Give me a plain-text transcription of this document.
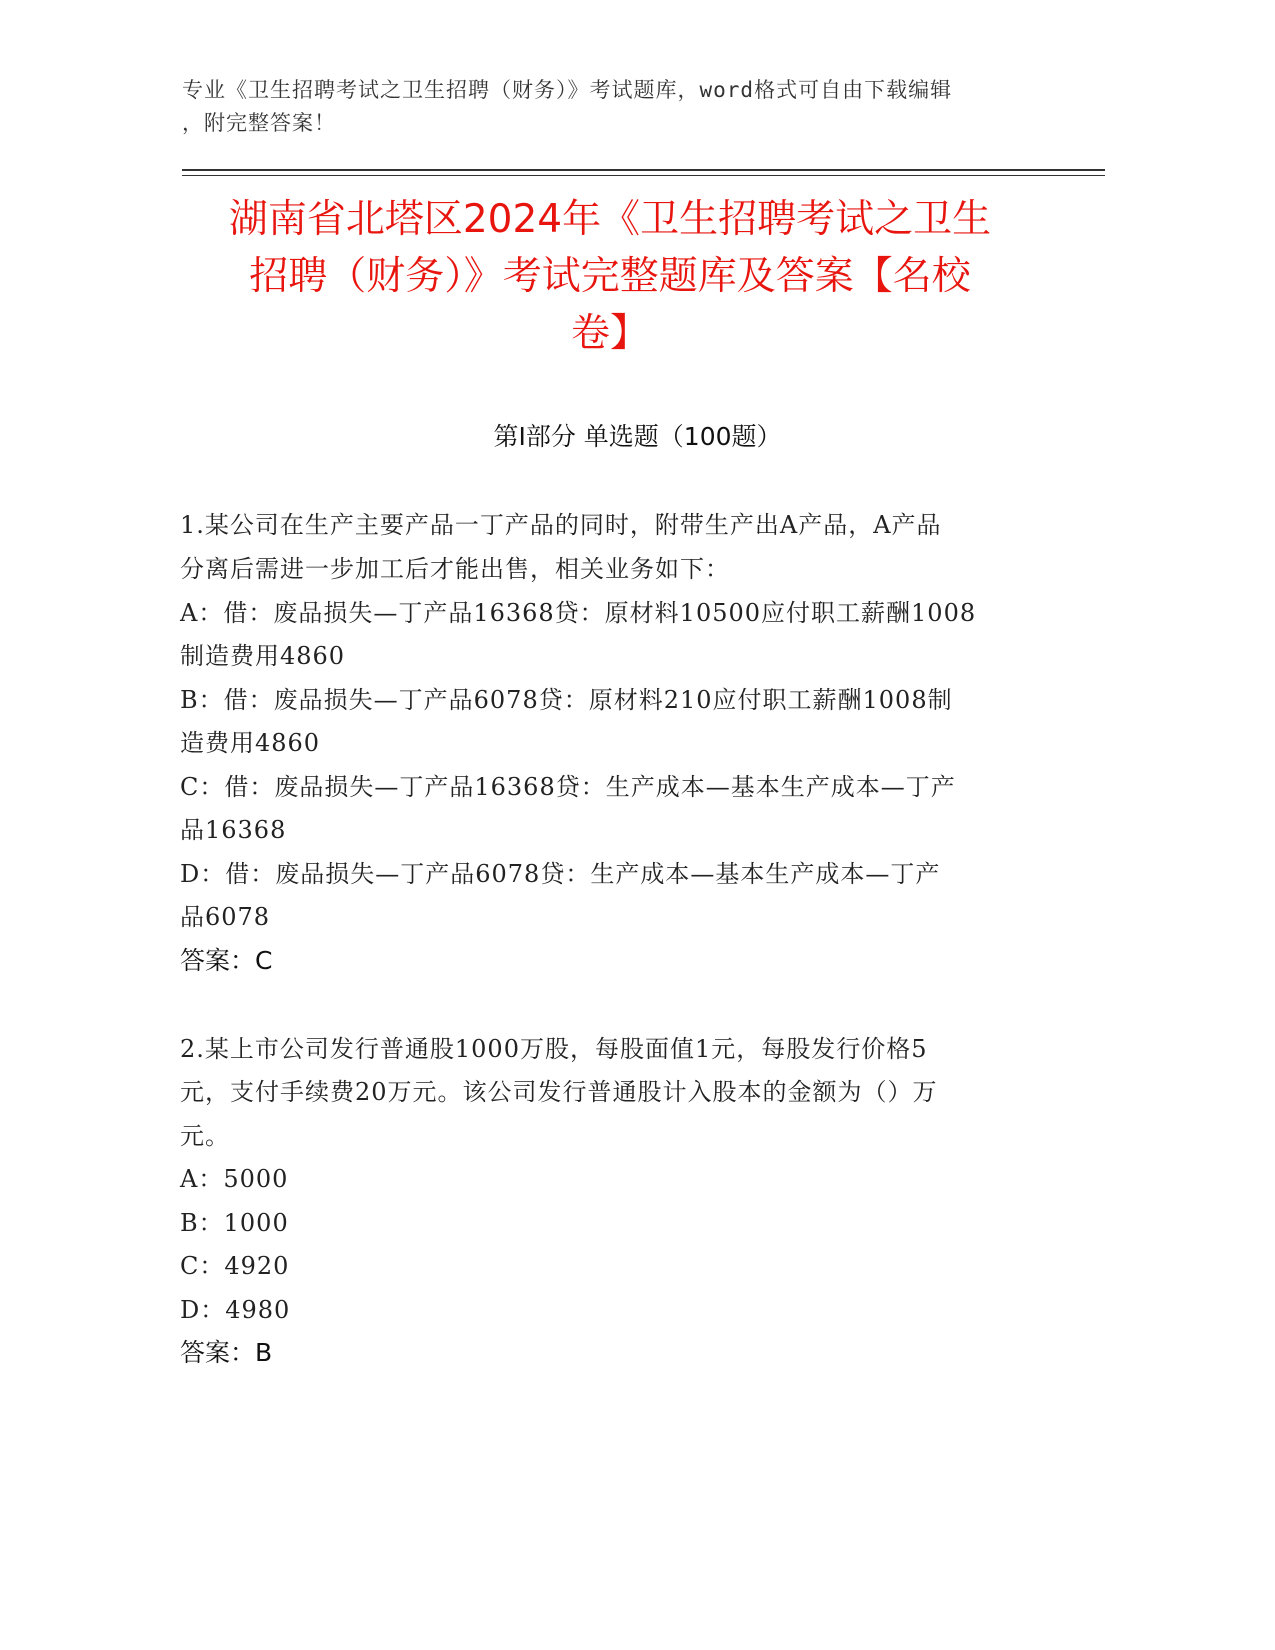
专业《卫生招聘考试之卫生招聘（财务）》考试题库，word格式可自由下载编辑
，附完整答案！
湖南省北塔区2024年《卫生招聘考试之卫生
招聘（财务）》考试完整题库及答案【名校
卷】
第I部分 单选题（100题）
1.某公司在生产主要产品一丁产品的同时，附带生产出A产品，A产品
分离后需进一步加工后才能出售，相关业务如下：
A：借：废品损失—丁产品16368贷：原材料10500应付职工薪酬1008
制造费用4860
B：借：废品损失—丁产品6078贷：原材料210应付职工薪酬1008制
造费用4860
C：借：废品损失—丁产品16368贷：生产成本—基本生产成本—丁产
品16368
D：借：废品损失—丁产品6078贷：生产成本—基本生产成本—丁产
品6078
答案：C
2.某上市公司发行普通股1000万股，每股面值1元，每股发行价格5
元，支付手续费20万元。该公司发行普通股计入股本的金额为（）万
元。
A：5000
B：1000
C：4920
D：4980
答案：B
